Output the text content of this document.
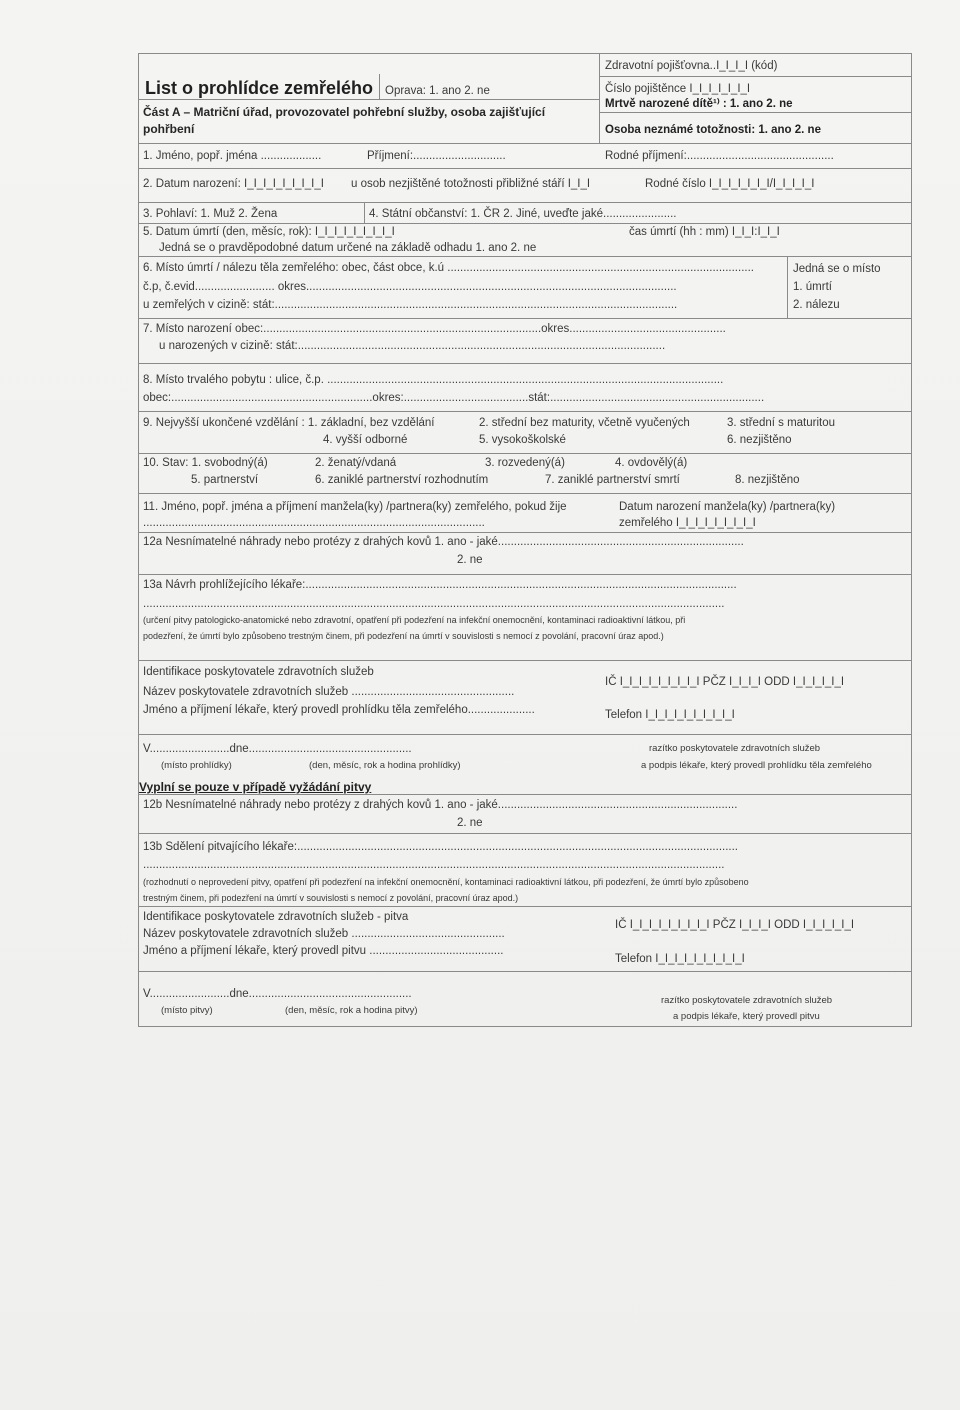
List o prohlídce zemřelého Oprava: 1. ano 2. ne
Část A – Matriční úřad, provozovatel pohřební služby, osoba zajišťující
pohřbení
Zdravotní pojišťovna..I_I_I_I (kód)
Číslo pojištěnce I_I_I_I_I_I_I
Mrtvě narozené dítě¹⁾ : 1. ano 2. ne
Osoba neznámé totožnosti: 1. ano 2. ne
1. Jméno, popř. jména ...................	Příjmení:.............................	Rodné příjmení:..............................................
2. Datum narození: I_I_I_I_I_I_I_I_I u osob nezjištěné totožnosti přibližné stáří I_I_I	Rodné číslo I_I_I_I_I_I_I/I_I_I_I_I
3. Pohlaví: 1. Muž 2. Žena	4. Státní občanství: 1. ČR 2. Jiné, uveďte jaké.......................
5. Datum úmrtí (den, měsíc, rok): I_I_I_I_I_I_I_I_I	čas úmrtí (hh : mm) I_I_I:I_I_I
Jedná se o pravděpodobné datum určené na základě odhadu 1. ano 2. ne
6. Místo úmrtí / nálezu těla zemřelého: obec, část obce, k.ú ................................................................................................
č.p, č.evid......................... okres....................................................................................................................
u zemřelých v cizině: stát:..............................................................................................................................
Jedná se o místo
1. úmrtí
2. nálezu
7. Místo narození obec:.......................................................................................okres.................................................
u narozených v cizině: stát:...................................................................................................................
8. Místo trvalého pobytu : ulice, č.p. ............................................................................................................................
obec:...............................................................okres:.......................................stát:...................................................................
9. Nejvyšší ukončené vzdělání : 1. základní, bez vzdělání	2. střední bez maturity, včetně vyučených	3. střední s maturitou
4. vyšší odborné	5. vysokoškolské	6. nezjištěno
10. Stav: 1. svobodný(á)	2. ženatý/vdaná	3. rozvedený(á)	4. ovdovělý(á)
5. partnerství	6. zaniklé partnerství rozhodnutím	7. zaniklé partnerství smrtí	8. nezjištěno
11. Jméno, popř. jména a příjmení manžela(ky) /partnera(ky) zemřelého, pokud žije
...........................................................................................................
Datum narození manžela(ky) /partnera(ky)
zemřelého I_I_I_I_I_I_I_I_I
12a Nesnímatelné náhrady nebo protézy z drahých kovů 1. ano - jaké.............................................................................
2. ne
13a Návrh prohlížejícího lékaře:.......................................................................................................................................
......................................................................................................................................................................................
(určení pitvy patologicko-anatomické nebo zdravotní, opatření při podezření na infekční onemocnění, kontaminaci radioaktivní látkou, při
podezření, že úmrtí bylo způsobeno trestným činem, při podezření na úmrtí v souvislosti s nemocí z povolání, pracovní úraz apod.)
Identifikace poskytovatele zdravotních služeb
Název poskytovatele zdravotních služeb ...................................................
Jméno a příjmení lékaře, který provedl prohlídku těla zemřelého.....................
IČ I_I_I_I_I_I_I_I_I PČZ I_I_I_I ODD I_I_I_I_I_I
Telefon I_I_I_I_I_I_I_I_I_I
V.........................dne...................................................
(místo prohlídky)	(den, měsíc, rok a hodina prohlídky)
razítko poskytovatele zdravotních služeb
a podpis lékaře, který provedl prohlídku těla zemřelého
Vyplní se pouze v případě vyžádání pitvy
12b Nesnímatelné náhrady nebo protézy z drahých kovů 1. ano - jaké...........................................................................
2. ne
13b Sdělení pitvajícího lékaře:..........................................................................................................................................
......................................................................................................................................................................................
(rozhodnutí o neprovedení pitvy, opatření při podezření na infekční onemocnění, kontaminaci radioaktivní látkou, při podezření, že úmrtí bylo způsobeno
trestným činem, při podezření na úmrtí v souvislosti s nemocí z povolání, pracovní úraz apod.)
Identifikace poskytovatele zdravotních služeb - pitva
Název poskytovatele zdravotních služeb ................................................
Jméno a příjmení lékaře, který provedl pitvu ..........................................
IČ I_I_I_I_I_I_I_I_I PČZ I_I_I_I ODD I_I_I_I_I_I
Telefon I_I_I_I_I_I_I_I_I_I
V.........................dne...................................................
(místo pitvy)	(den, měsíc, rok a hodina pitvy)
razítko poskytovatele zdravotních služeb
a podpis lékaře, který provedl pitvu
